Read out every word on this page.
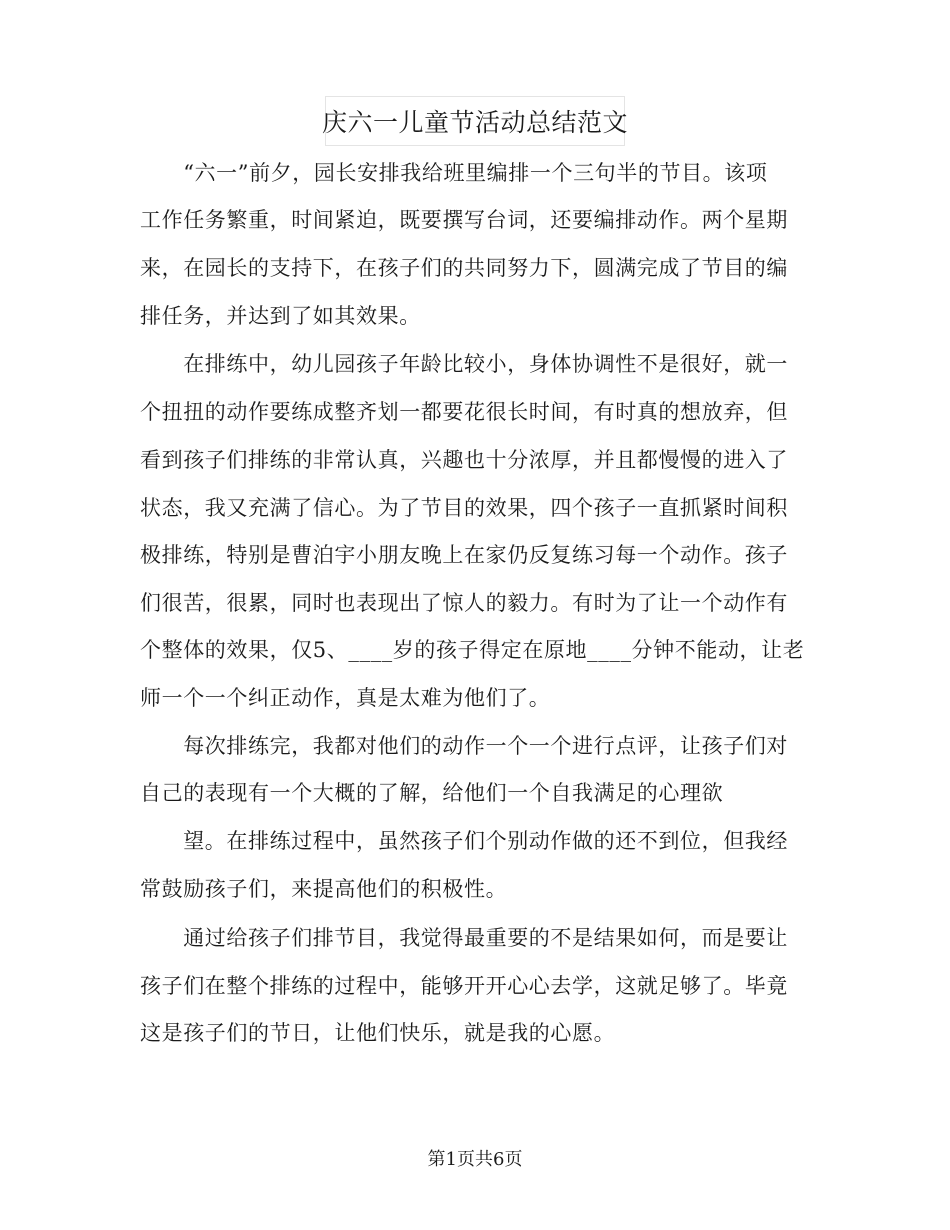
庆六一儿童节活动总结范文
　　“六一”前夕，园长安排我给班里编排一个三句半的节目。该项
工作任务繁重，时间紧迫，既要撰写台词，还要编排动作。两个星期
来，在园长的支持下，在孩子们的共同努力下，圆满完成了节目的编
排任务，并达到了如其效果。
　　在排练中，幼儿园孩子年龄比较小，身体协调性不是很好，就一
个扭扭的动作要练成整齐划一都要花很长时间，有时真的想放弃，但
看到孩子们排练的非常认真，兴趣也十分浓厚，并且都慢慢的进入了
状态，我又充满了信心。为了节目的效果，四个孩子一直抓紧时间积
极排练，特别是曹泊宇小朋友晚上在家仍反复练习每一个动作。孩子
们很苦，很累，同时也表现出了惊人的毅力。有时为了让一个动作有
个整体的效果，仅5、____岁的孩子得定在原地____分钟不能动，让老
师一个一个纠正动作，真是太难为他们了。
　　每次排练完，我都对他们的动作一个一个进行点评，让孩子们对
自己的表现有一个大概的了解，给他们一个自我满足的心理欲
　　望。在排练过程中，虽然孩子们个别动作做的还不到位，但我经
常鼓励孩子们，来提高他们的积极性。
　　通过给孩子们排节目，我觉得最重要的不是结果如何，而是要让
孩子们在整个排练的过程中，能够开开心心去学，这就足够了。毕竟
这是孩子们的节日，让他们快乐，就是我的心愿。
第1页共6页
